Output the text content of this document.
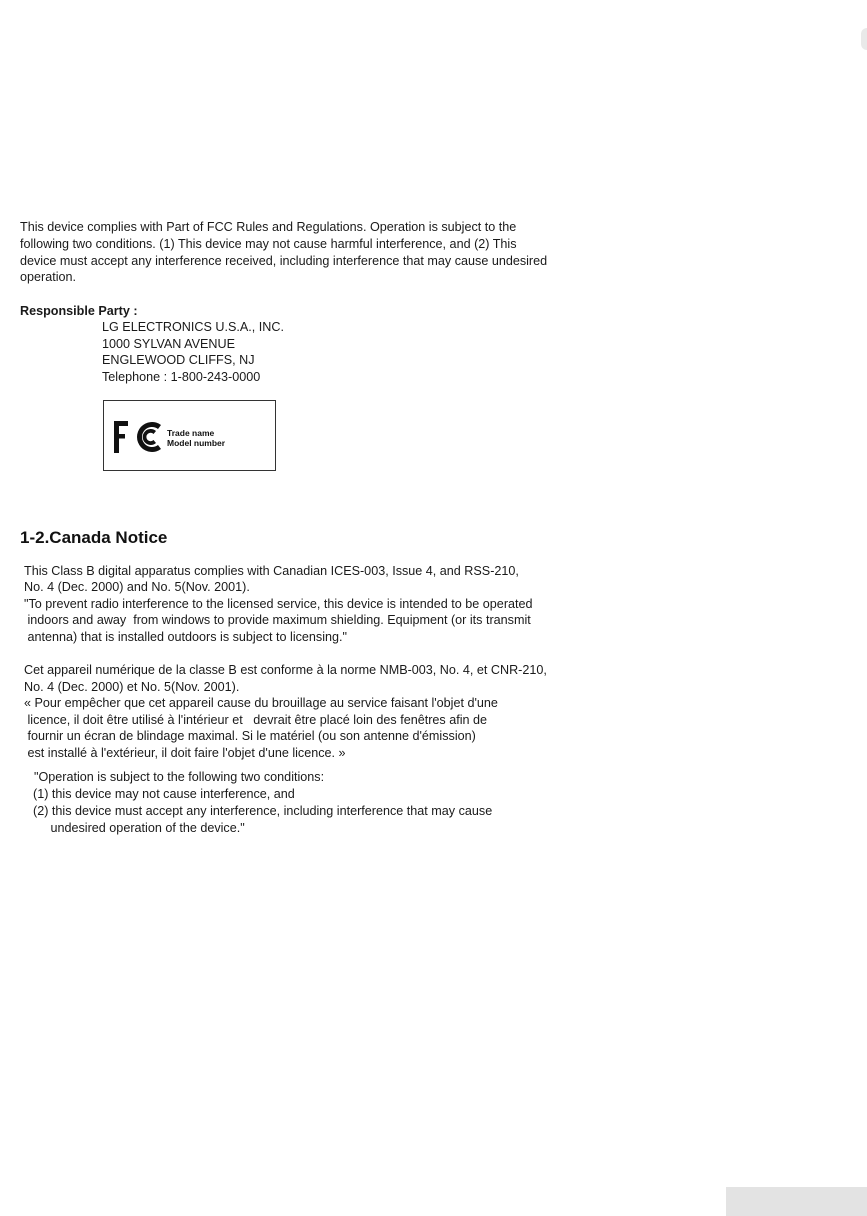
This device complies with Part of FCC Rules and Regulations. Operation is subject to the
following two conditions. (1) This device may not cause harmful interference, and (2) This
device must accept any interference received, including interference that may cause undesired
operation.
Responsible Party :
LG ELECTRONICS U.S.A., INC.
1000 SYLVAN AVENUE
ENGLEWOOD CLIFFS, NJ
Telephone : 1-800-243-0000
Trade name
Model number
1-2.Canada Notice
This Class B digital apparatus complies with Canadian ICES-003, Issue 4, and RSS-210,
No. 4 (Dec. 2000) and No. 5(Nov. 2001).
"To prevent radio interference to the licensed service, this device is intended to be operated
indoors and away  from windows to provide maximum shielding. Equipment (or its transmit
antenna) that is installed outdoors is subject to licensing."
Cet appareil numérique de la classe B est conforme à la norme NMB-003, No. 4, et CNR-210,
No. 4 (Dec. 2000) et No. 5(Nov. 2001).
« Pour empêcher que cet appareil cause du brouillage au service faisant l'objet d'une
licence, il doit être utilisé à l'intérieur et   devrait être placé loin des fenêtres afin de
fournir un écran de blindage maximal. Si le matériel (ou son antenne d'émission)
est installé à l'extérieur, il doit faire l'objet d'une licence. »
"Operation is subject to the following two conditions:
(1) this device may not cause interference, and
(2) this device must accept any interference, including interference that may cause
undesired operation of the device."
